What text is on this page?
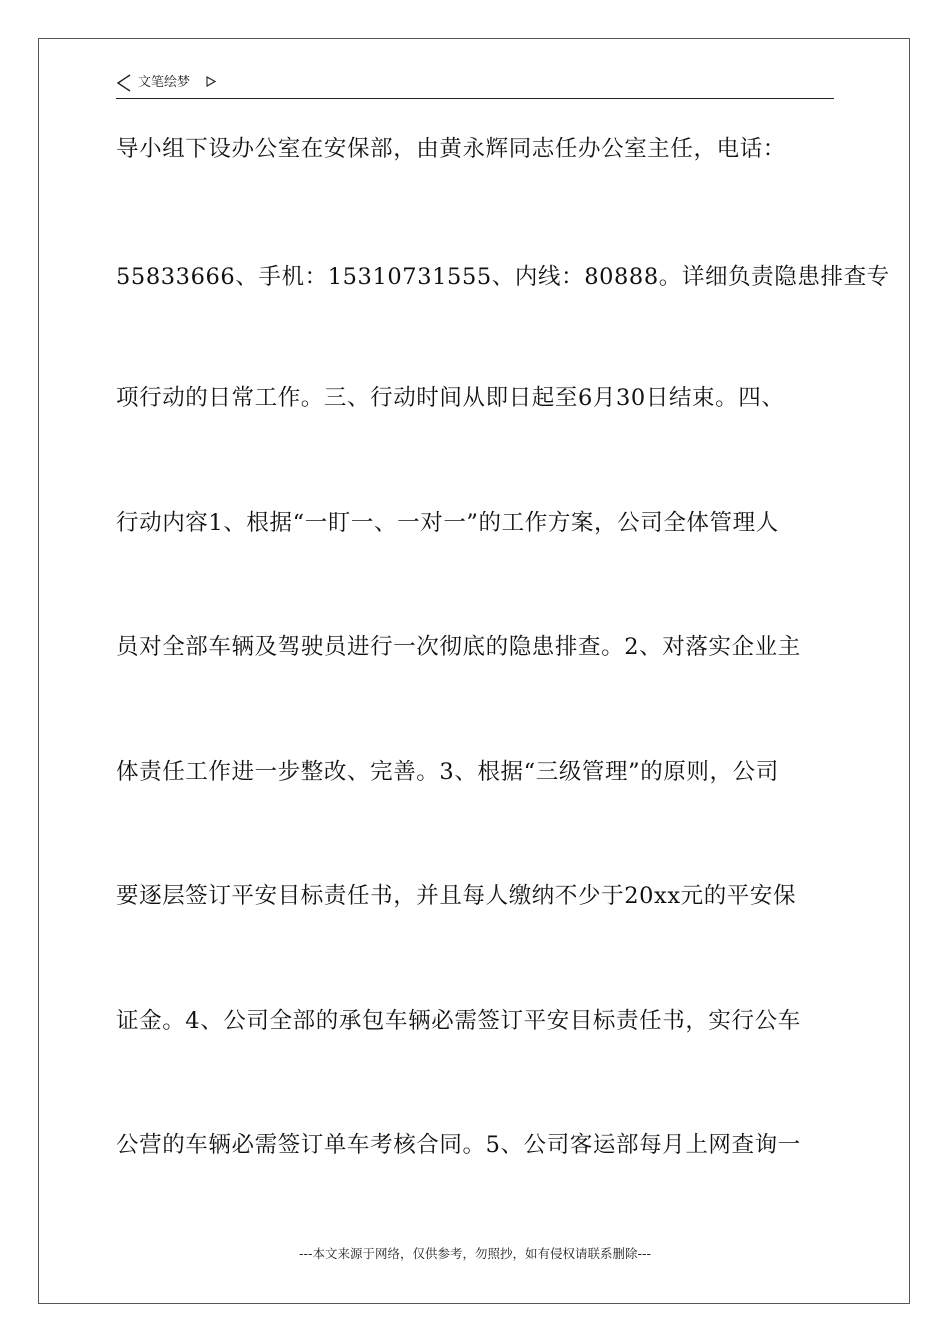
文笔绘梦
导小组下设办公室在安保部，由黄永辉同志任办公室主任，电话：
55833666、手机：15310731555、内线：80888。详细负责隐患排查专
项行动的日常工作。三、行动时间从即日起至6月30日结束。四、
行动内容1、根据“一盯一、一对一”的工作方案，公司全体管理人
员对全部车辆及驾驶员进行一次彻底的隐患排查。2、对落实企业主
体责任工作进一步整改、完善。3、根据“三级管理”的原则，公司
要逐层签订平安目标责任书，并且每人缴纳不少于20xx元的平安保
证金。4、公司全部的承包车辆必需签订平安目标责任书，实行公车
公营的车辆必需签订单车考核合同。5、公司客运部每月上网查询一
---本文来源于网络，仅供参考，勿照抄，如有侵权请联系删除---
